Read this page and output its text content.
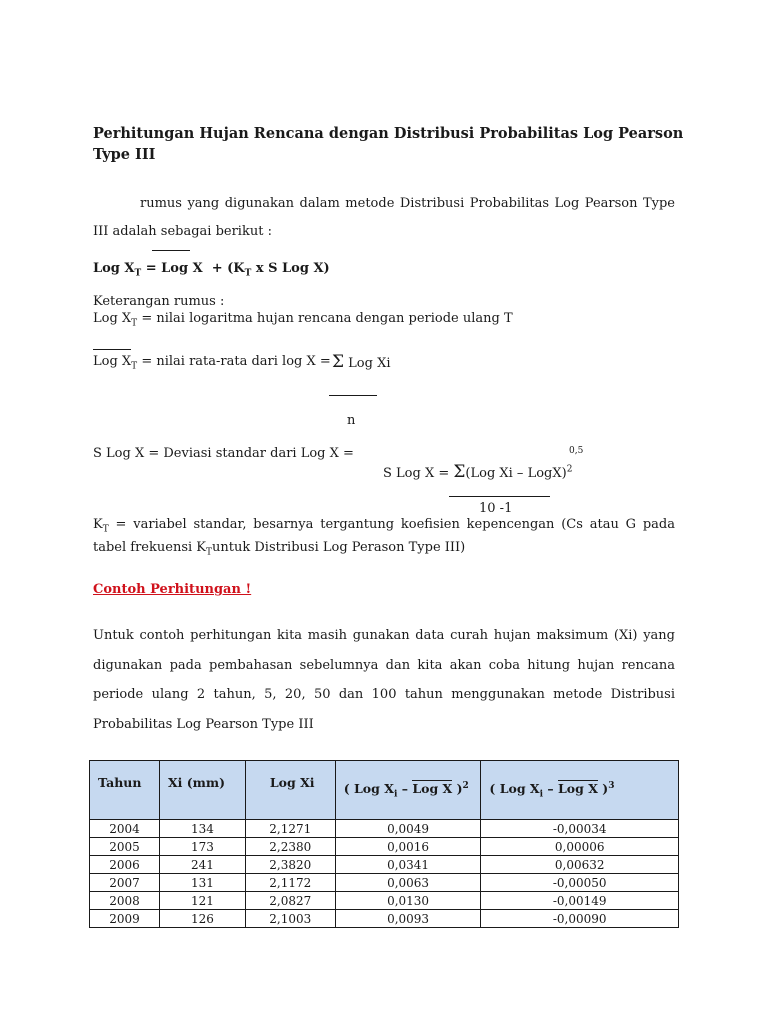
Perhitungan Hujan Rencana dengan Distribusi Probabilitas Log Pearson Type III
rumus yang digunakan dalam metode Distribusi Probabilitas Log Pearson Type III adalah sebagai berikut :
Log $X_T$ = Log $X + (K_T$ x S Log X)
Keterangan rumus :
Log $X_T$ = nilai logaritma hujan rencana dengan periode ulang T
Log $X_T$ = nilai rata-rata dari log X = Σ Log Xi
n
S Log X = Deviasi standar dari Log X =	0,5
S Log X = Σ(Log Xi – LogX)$^2$
10 -1
$K_T$ = variabel standar, besarnya tergantung koefisien kepencengan (Cs atau G pada tabel frekuensi $K_Tuntuk$ Distribusi Log Perason Type III)
Contoh Perhitungan !
Untuk contoh perhitungan kita masih gunakan data curah hujan maksimum (Xi) yang digunakan pada pembahasan sebelumnya dan kita akan coba hitung hujan rencana periode ulang 2 tahun, 5, 20, 50 dan 100 tahun menggunakan metode Distribusi Probabilitas Log Pearson Type III
Tahun	Xi (mm)	Log Xi	( Log $X_i$ – Log X )$^2$	( Log $X_i$ – Log X )$^3$
2004	134	2,1271	0,0049	-0,00034
2005	173	2,2380	0,0016	0,00006
2006	241	2,3820	0,0341	0,00632
2007	131	2,1172	0,0063	-0,00050
2008	121	2,0827	0,0130	-0,00149
2009	126	2,1003	0,0093	-0,00090
